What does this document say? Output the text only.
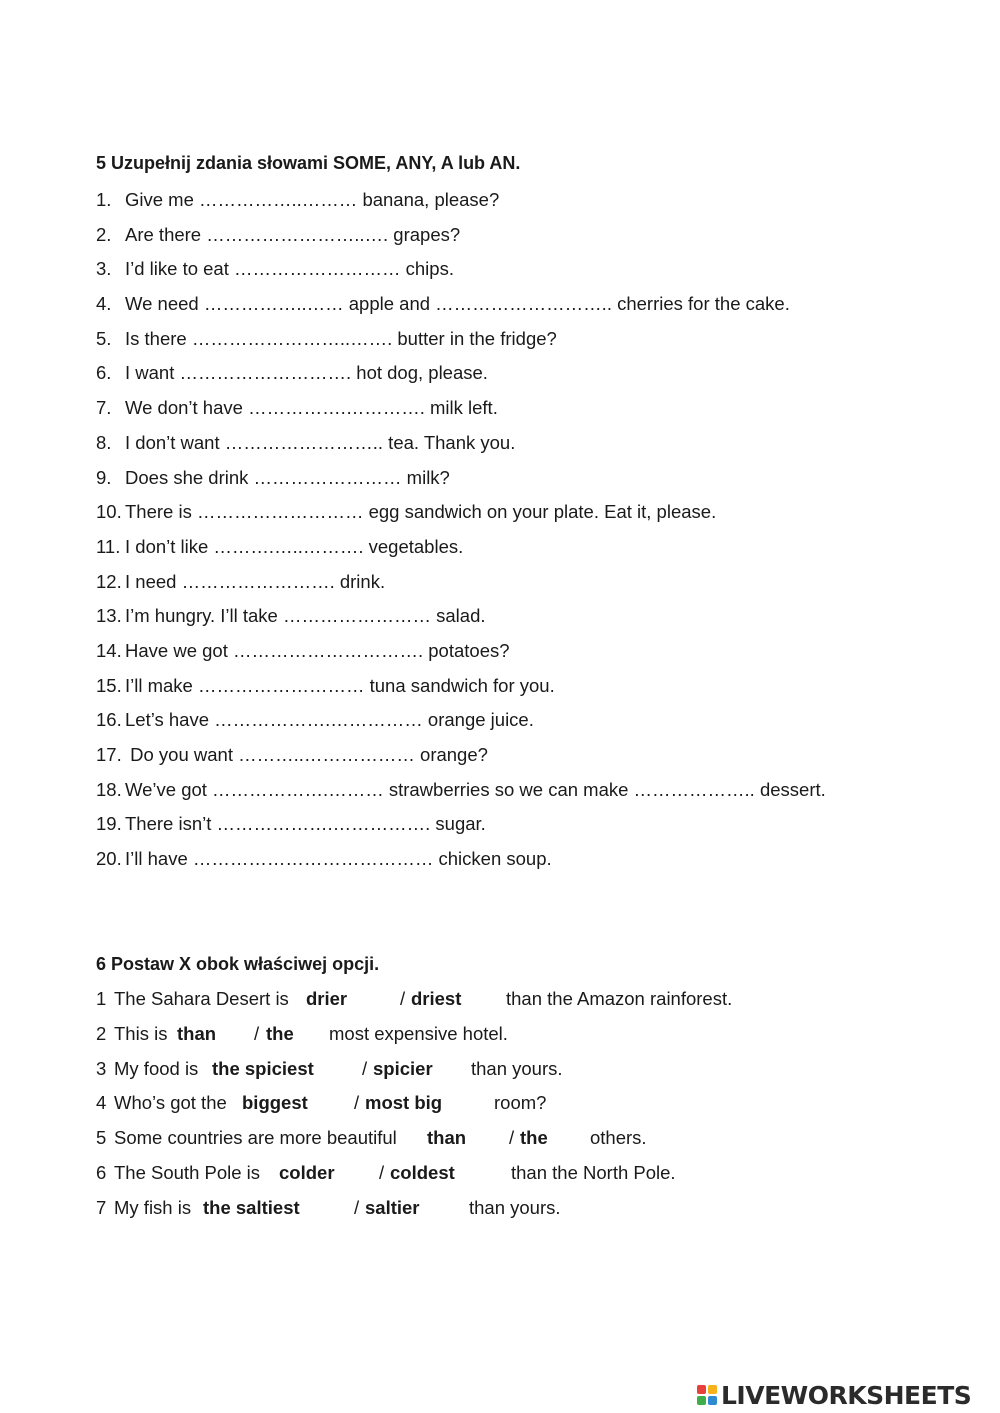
5 Uzupełnij zdania słowami SOME, ANY, A lub AN.
1. Give me ……………..……… banana, please?
2. Are there ……………………..…. grapes?
3. I’d like to eat ……………………… chips.
4. We need ……………..…… apple and ……………………….. cherries for the cake.
5. Is there ……………………..……. butter in the fridge?
6. I want ………………………. hot dog, please.
7. We don’t have …………….…………. milk left.
8. I don’t want …………………….. tea. Thank you.
9. Does she drink …………………… milk?
10. There is ……………………… egg sandwich on your plate. Eat it, please.
11. I don’t like ……….…..………. vegetables.
12. I need ……………………. drink.
13. I’m hungry. I’ll take …………………… salad.
14. Have we got …………………………. potatoes?
15. I’ll make ……………………… tuna sandwich for you.
16. Let’s have ……………….…………… orange juice.
17. Do you want ………..……………… orange?
18. We’ve got ……………….……… strawberries so we can make ……………….. dessert.
19. There isn’t ……………….……………. sugar.
20. I’ll have ………………………………… chicken soup.
6 Postaw X obok właściwej opcji.
1 The Sahara Desert is drier	/ driest than the Amazon rainforest.
2 This is than / the most expensive hotel.
3 My food is the spiciest	/ spicier than yours.
4 Who’s got the biggest / most big	room?
5 Some countries are more beautiful than / the others.
6 The South Pole is colder / coldest	than the North Pole.
7 My fish is the saltiest	/ saltier	than yours.
LIVEWORKSHEETS
